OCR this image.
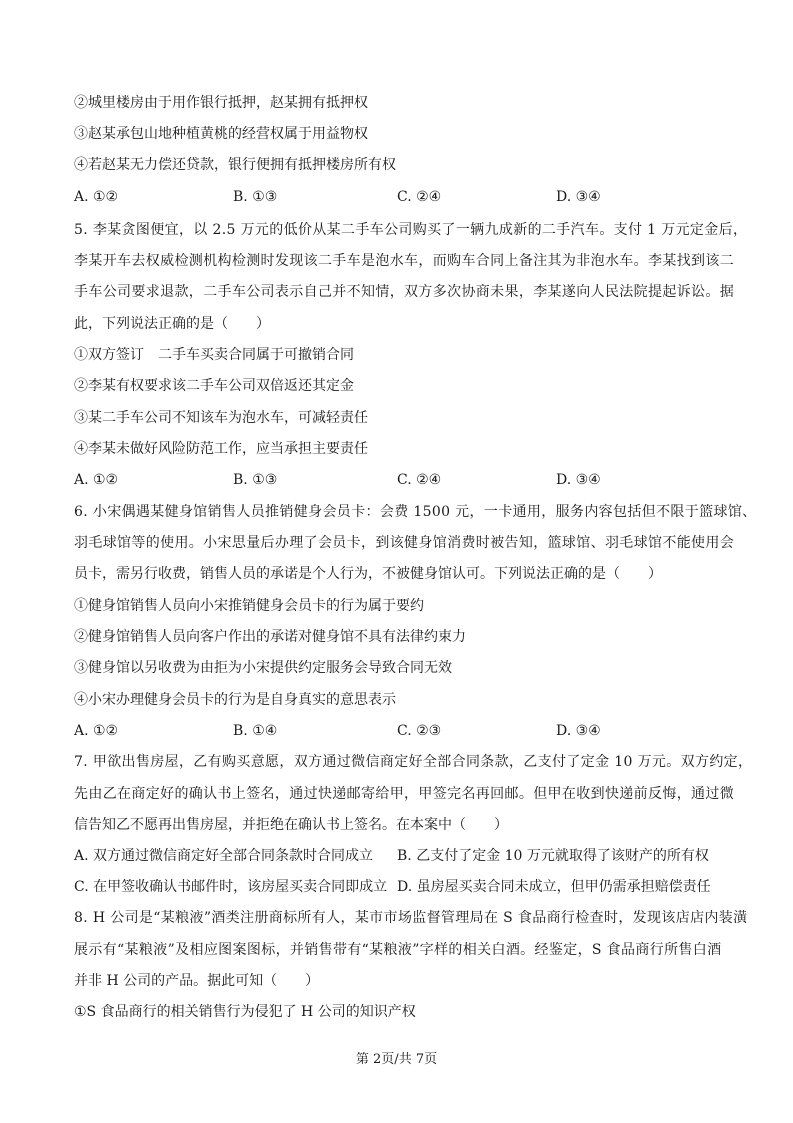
②城里楼房由于用作银行抵押，赵某拥有抵押权
③赵某承包山地种植黄桃的经营权属于用益物权
④若赵某无力偿还贷款，银行便拥有抵押楼房所有权
A. ①②	B. ①③	C. ②④	D. ③④
5. 李某贪图便宜，以 2.5 万元的低价从某二手车公司购买了一辆九成新的二手汽车。支付 1 万元定金后，
李某开车去权威检测机构检测时发现该二手车是泡水车，而购车合同上备注其为非泡水车。李某找到该二
手车公司要求退款，二手车公司表示自己并不知情，双方多次协商未果，李某遂向人民法院提起诉讼。据
此，下列说法正确的是（　　）
①双方签订　二手车买卖合同属于可撤销合同
②李某有权要求该二手车公司双倍返还其定金
③某二手车公司不知该车为泡水车，可减轻责任
④李某未做好风险防范工作，应当承担主要责任
A. ①②	B. ①③	C. ②④	D. ③④
6. 小宋偶遇某健身馆销售人员推销健身会员卡：会费 1500 元，一卡通用，服务内容包括但不限于篮球馆、
羽毛球馆等的使用。小宋思量后办理了会员卡，到该健身馆消费时被告知，篮球馆、羽毛球馆不能使用会
员卡，需另行收费，销售人员的承诺是个人行为，不被健身馆认可。下列说法正确的是（　　）
①健身馆销售人员向小宋推销健身会员卡的行为属于要约
②健身馆销售人员向客户作出的承诺对健身馆不具有法律约束力
③健身馆以另收费为由拒为小宋提供约定服务会导致合同无效
④小宋办理健身会员卡的行为是自身真实的意思表示
A. ①②	B. ①④	C. ②③	D. ③④
7. 甲欲出售房屋，乙有购买意愿，双方通过微信商定好全部合同条款，乙支付了定金 10 万元。双方约定，
先由乙在商定好的确认书上签名，通过快递邮寄给甲，甲签完名再回邮。但甲在收到快递前反悔，通过微
信告知乙不愿再出售房屋，并拒绝在确认书上签名。在本案中（　　）
A. 双方通过微信商定好全部合同条款时合同成立 B. 乙支付了定金 10 万元就取得了该财产的所有权
C. 在甲签收确认书邮件时，该房屋买卖合同即成立 D. 虽房屋买卖合同未成立，但甲仍需承担赔偿责任
8. H 公司是“某粮液”酒类注册商标所有人，某市市场监督管理局在 S 食品商行检查时，发现该店店内装潢
展示有“某粮液”及相应图案图标，并销售带有“某粮液”字样的相关白酒。经鉴定，S 食品商行所售白酒
并非 H 公司的产品。据此可知（　　）
①S 食品商行的相关销售行为侵犯了 H 公司的知识产权
第 2页/共 7页
